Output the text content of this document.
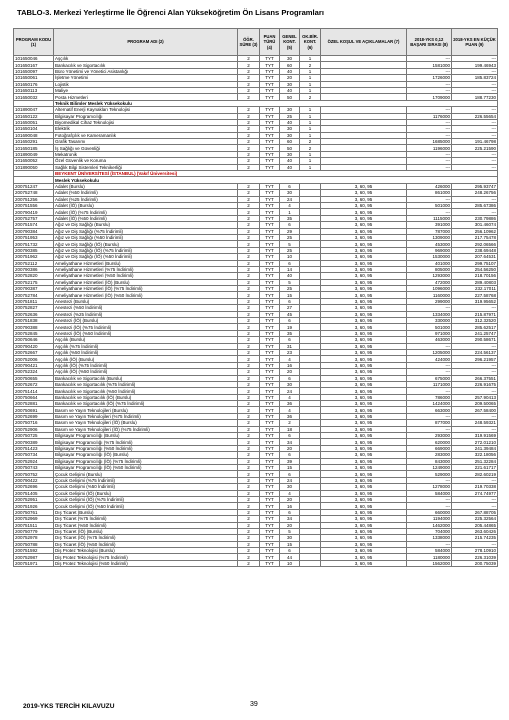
TABLO-3. Merkezi Yerleştirme İle Öğrenci Alan Yükseköğretim Ön Lisans Programları
PROGRAM KODU (1)	PROGRAM ADI (2)	ÖĞR. SÜRE (3)	PUAN TÜRÜ (4)	GENEL KONT. (5)	OK.BİR. KONT. (6)	ÖZEL KOŞUL VE AÇIKLAMALAR (7)	2018-YKS 0,12 BAŞARI SIRASI (8)	2018-YKS EN KÜÇÜK PUAN (9)
101650046	Aşçılık	2	TYT	30	1		---	---
101650167	Bankacılık ve Sigortacılık	2	TYT	60	2		1581000	199.46943
101650097	Büro Yönetimi ve Yönetici Asistanlığı	2	TYT	40	1		---	---
101650061	İşletme Yönetimi	2	TYT	20	1		1726000	185.83724
101650176	Lojistik	2	TYT	30	1		---	---
101650113	Maliye	2	TYT	40	1		---	---
101650032	Posta Hizmetleri	2	TYT	50	2		1709000	188.77230
	Teknik Bilimler Meslek Yüksekokulu							
101890047	Alternatif Enerji Kaynakları Teknolojisi	2	TYT	30	1		---	---
101650122	Bilgisayar Programcılığı	2	TYT	25	1		1176000	226.55654
101650051	Biyomedikal Cihaz Teknolojisi	2	TYT	40	1		---	---
101650104	Elektrik	2	TYT	30	1		---	---
101690048	Fotoğrafçılık ve Kameramanlık	2	TYT	30	1		---	---
101650291	Grafik Tasarımı	2	TYT	60	2		1685000	191.46798
101650185	İş Sağlığı ve Güvenliği	2	TYT	50	2		1196000	225.21590
101890049	Mekatronik	2	TYT	30	1		---	---
101650052	Özel Güvenlik ve Koruma	2	TYT	40	1		---	---
101890050	Sağlık Bilgi Sistemleri Teknikerliği	2	TYT	40	1		---	---
	BEYKENT ÜNİVERSİTESİ (İSTANBUL) (Vakıf Üniversitesi)							
	Meslek Yüksekokulu							
200751247	Adalet (Burslu)	2	TYT	6		3, 60, 95	426000	295.93747
200752748	Adalet (%50 İndirimli)	2	TYT	30		3, 60, 95	861000	248.26756
200751256	Adalet (%25 İndirimli)	2	TYT	24		3, 60, 95	---	---
200751556	Adalet (İÖ) (Burslu)	2	TYT	4		3, 60, 95	501000	285.67386
200790419	Adalet (İÖ) (%75 İndirimli)	2	TYT	1		3, 60, 95	---	---
200752757	Adalet (İÖ) (%50 İndirimli)	2	TYT	35		3, 60, 95	1115000	230.79886
200751574	Ağız ve Diş Sağlığı (Burslu)	2	TYT	6		3, 60, 95	391000	301.46074
200790384	Ağız ve Diş Sağlığı (%75 İndirimli)	2	TYT	29		3, 60, 95	787000	256.10962
200751953	Ağız ve Diş Sağlığı (%50 İndirimli)	2	TYT	25		3, 60, 95	1309000	217.75478
200751732	Ağız ve Diş Sağlığı (İÖ) (Burslu)	2	TYT	5		3, 60, 95	453000	292.06566
200790385	Ağız ve Diş Sağlığı (İÖ) (%75 İndirimli)	2	TYT	25		3, 60, 95	969000	238.69448
200751962	Ağız ve Diş Sağlığı (İÖ) (%50 İndirimli)	2	TYT	10		3, 60, 95	1530000	207.64531
200752112	Ameliyathane Hizmetleri (Burslu)	2	TYT	6		3, 60, 95	401000	299.75107
200790386	Ameliyathane Hizmetleri (%75 İndirimli)	2	TYT	14		3, 60, 95	805000	254.56250
200752820	Ameliyathane Hizmetleri (%50 İndirimli)	2	TYT	40		3, 60, 95	1293000	218.70156
200752175	Ameliyathane Hizmetleri (İÖ) (Burslu)	2	TYT	5		3, 60, 95	472000	289.40803
200790387	Ameliyathane Hizmetleri (İÖ) (%75 İndirimli)	2	TYT	25		3, 60, 95	1096000	232.17011
200752784	Ameliyathane Hizmetleri (İÖ) (%50 İndirimli)	2	TYT	15		3, 60, 95	1160000	227.58768
200751811	Anestezi (Burslu)	2	TYT	6		3, 60, 95	299000	319.95652
200752827	Anestezi (%50 İndirimli)	2	TYT	27		3, 60, 95	---	---
200752636	Anestezi (%25 İndirimli)	2	TYT	45		3, 60, 95	1334000	215.87971
200751838	Anestezi (İÖ) (Burslu)	2	TYT	6		3, 60, 95	330000	312.32520
200790388	Anestezi (İÖ) (%75 İndirimli)	2	TYT	19		3, 60, 95	501000	285.62517
200752845	Anestezi (İÖ) (%50 İndirimli)	2	TYT	35		3, 60, 95	971000	241.25747
200750646	Aşçılık (Burslu)	2	TYT	6		3, 60, 95	463000	290.58671
200790420	Aşçılık (%75 İndirimli)	2	TYT	31		3, 60, 95	---	---
200752667	Aşçılık (%50 İndirimli)	2	TYT	23		3, 60, 95	1205000	224.56137
200752006	Aşçılık (İÖ) (Burslu)	2	TYT	4		3, 60, 95	424000	296.21957
200790421	Aşçılık (İÖ) (%75 İndirimli)	2	TYT	16		3, 60, 95	---	---
200752324	Aşçılık (İÖ) (%50 İndirimli)	2	TYT	20		3, 60, 95	---	---
200750655	Bankacılık ve Sigortacılık (Burslu)	2	TYT	6		3, 60, 95	675000	266.37551
200752672	Bankacılık ve Sigortacılık (%75 İndirimli)	2	TYT	30		3, 60, 95	1171000	226.91675
200751414	Bankacılık ve Sigortacılık (%50 İndirimli)	2	TYT	24		3, 60, 95	---	---
200750664	Bankacılık ve Sigortacılık (İÖ) (Burslu)	2	TYT	4		3, 60, 95	786000	257.90413
200752881	Bankacılık ve Sigortacılık (İÖ) (%75 İndirimli)	2	TYT	36		3, 60, 95	1424000	209.50065
200750691	Basım ve Yayın Teknolojileri (Burslu)	2	TYT	4		3, 60, 95	663000	267.58400
200752699	Basım ve Yayın Teknolojileri (%75 İndirimli)	2	TYT	36		3, 60, 95	---	---
200750716	Basım ve Yayın Teknolojileri (İÖ) (Burslu)	2	TYT	2		3, 60, 95	877000	248.59321
200752906	Basım ve Yayın Teknolojileri (İÖ) (%75 İndirimli)	2	TYT	18		3, 60, 95	---	---
200750725	Bilgisayar Programcılığı (Burslu)	2	TYT	6		3, 60, 95	293000	319.91569
200790389	Bilgisayar Programcılığı (%75 İndirimli)	2	TYT	34		3, 60, 95	620000	272.01210
200751423	Bilgisayar Programcılığı (%50 İndirimli)	2	TYT	20		3, 60, 95	669000	241.39484
200750734	Bilgisayar Programcılığı (İÖ) (Burslu)	2	TYT	6		3, 60, 95	283000	322.18056
200752924	Bilgisayar Programcılığı (İÖ) (%75 İndirimli)	2	TYT	39		3, 60, 95	843000	251.32284
200750743	Bilgisayar Programcılığı (İÖ) (%50 İndirimli)	2	TYT	15		3, 60, 95	1249000	221.61717
200750752	Çocuk Gelişimi (Burslu)	2	TYT	6		3, 60, 95	529000	282.60219
200790422	Çocuk Gelişimi (%75 İndirimli)	2	TYT	24		3, 60, 95	---	---
200752696	Çocuk Gelişimi (%50 İndirimli)	2	TYT	30		3, 60, 95	1278000	219.70338
200751405	Çocuk Gelişimi (İÖ) (Burslu)	2	TYT	4		3, 60, 95	584000	274.74977
200752951	Çocuk Gelişimi (İÖ) (%75 İndirimli)	2	TYT	20		3, 60, 95	---	---
200751926	Çocuk Gelişimi (İÖ) (%50 İndirimli)	2	TYT	16		3, 60, 95	---	---
200750761	Dış Ticaret (Burslu)	2	TYT	6		3, 60, 95	660000	267.88705
200752969	Dış Ticaret (%75 İndirimli)	2	TYT	34		3, 60, 95	1194000	225.32564
200751511	Dış Ticaret (%50 İndirimli)	2	TYT	20		3, 60, 95	1462000	205.44865
200750779	Dış Ticaret (İÖ) (Burslu)	2	TYT	5		3, 60, 95	704000	263.60426
200752978	Dış Ticaret (İÖ) (%75 İndirimli)	2	TYT	30		3, 60, 95	1338000	215.74235
200750788	Dış Ticaret (İÖ) (%50 İndirimli)	2	TYT	15		3, 60, 95	---	---
200751592	Diş Protez Teknolojisi (Burslu)	2	TYT	6		3, 60, 95	584000	278.10910
200752987	Diş Protez Teknolojisi (%75 İndirimli)	2	TYT	44		3, 60, 95	1180000	226.31039
200751971	Diş Protez Teknolojisi (%50 İndirimli)	2	TYT	10		3, 60, 95	1562000	200.75039
2019-YKS TERCİH KILAVUZU	39
